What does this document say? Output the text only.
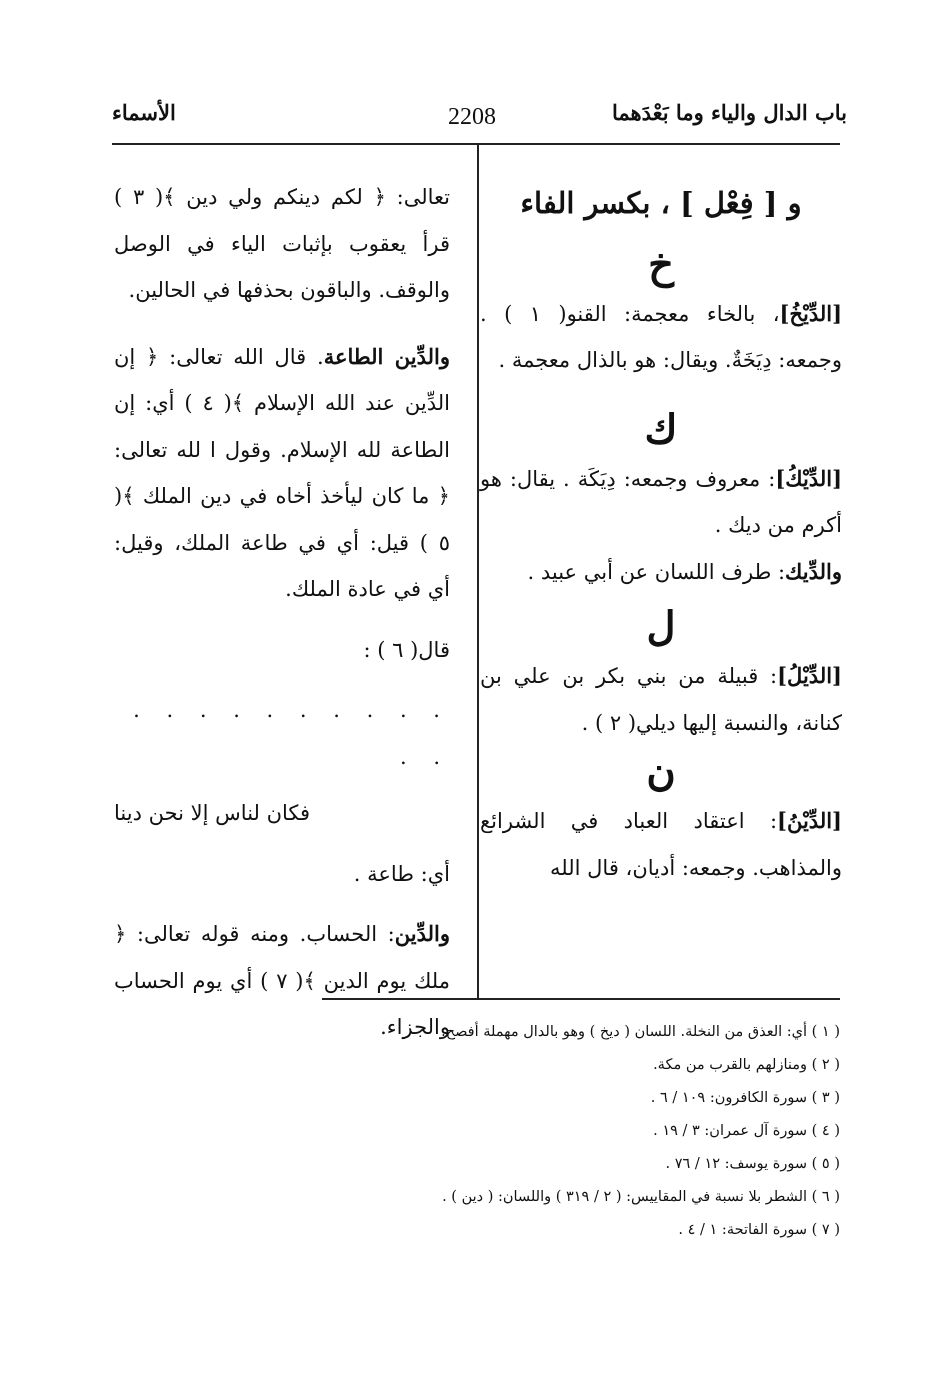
باب الدال والياء وما بَعْدَهما
2208
الأسماء

و [ فِعْل ] ، بكسر الفاء

خ

[الدِّيْخُ]، بالخاء معجمة: القنو( ١ ) . وجمعه: دِيَخَةٌ. ويقال: هو بالذال معجمة .

ك

[الدِّيْكُ]: معروف وجمعه: دِيَكَة . يقال: هو أكرم من ديك .

والدِّيك: طرف اللسان عن أبي عبيد .

ل

[الدِّيْلُ]: قبيلة من بني بكر بن علي بن كنانة، والنسبة إليها ديلي( ٢ ) .

ن

[الدِّيْنُ]: اعتقاد العباد في الشرائع والمذاهب. وجمعه: أديان، قال الله

تعالى: ﴿ لكم دينكم ولي دين ﴾( ٣ ) قرأ يعقوب بإثبات الياء في الوصل والوقف. والباقون بحذفها في الحالين.

والدِّين الطاعة. قال الله تعالى: ﴿ إن الدِّين عند الله الإسلام ﴾( ٤ ) أي: إن الطاعة لله الإسلام. وقول ا لله تعالى: ﴿ ما كان ليأخذ أخاه في دين الملك ﴾( ٥ ) قيل: أي في طاعة الملك، وقيل: أي في عادة الملك.

قال( ٦ ) :

. . . . . . . . . . . .

فكان لناس إلا نحن دينا

أي: طاعة .

والدِّين: الحساب. ومنه قوله تعالى: ﴿ ملك يوم الدين ﴾( ٧ ) أي يوم الحساب والجزاء.

( ١ ) أي: العذق من النخلة. اللسان ( ديخ ) وهو بالدال مهملة أفصح.

( ٢ ) ومنازلهم بالقرب من مكة.

( ٣ ) سورة الكافرون: ١٠٩ / ٦ .

( ٤ ) سورة آل عمران: ٣ / ١٩ .

( ٥ ) سورة يوسف: ١٢ / ٧٦ .

( ٦ ) الشطر بلا نسبة في المقاييس: ( ٢ / ٣١٩ ) واللسان: ( دين ) .

( ٧ ) سورة الفاتحة: ١ / ٤ .
